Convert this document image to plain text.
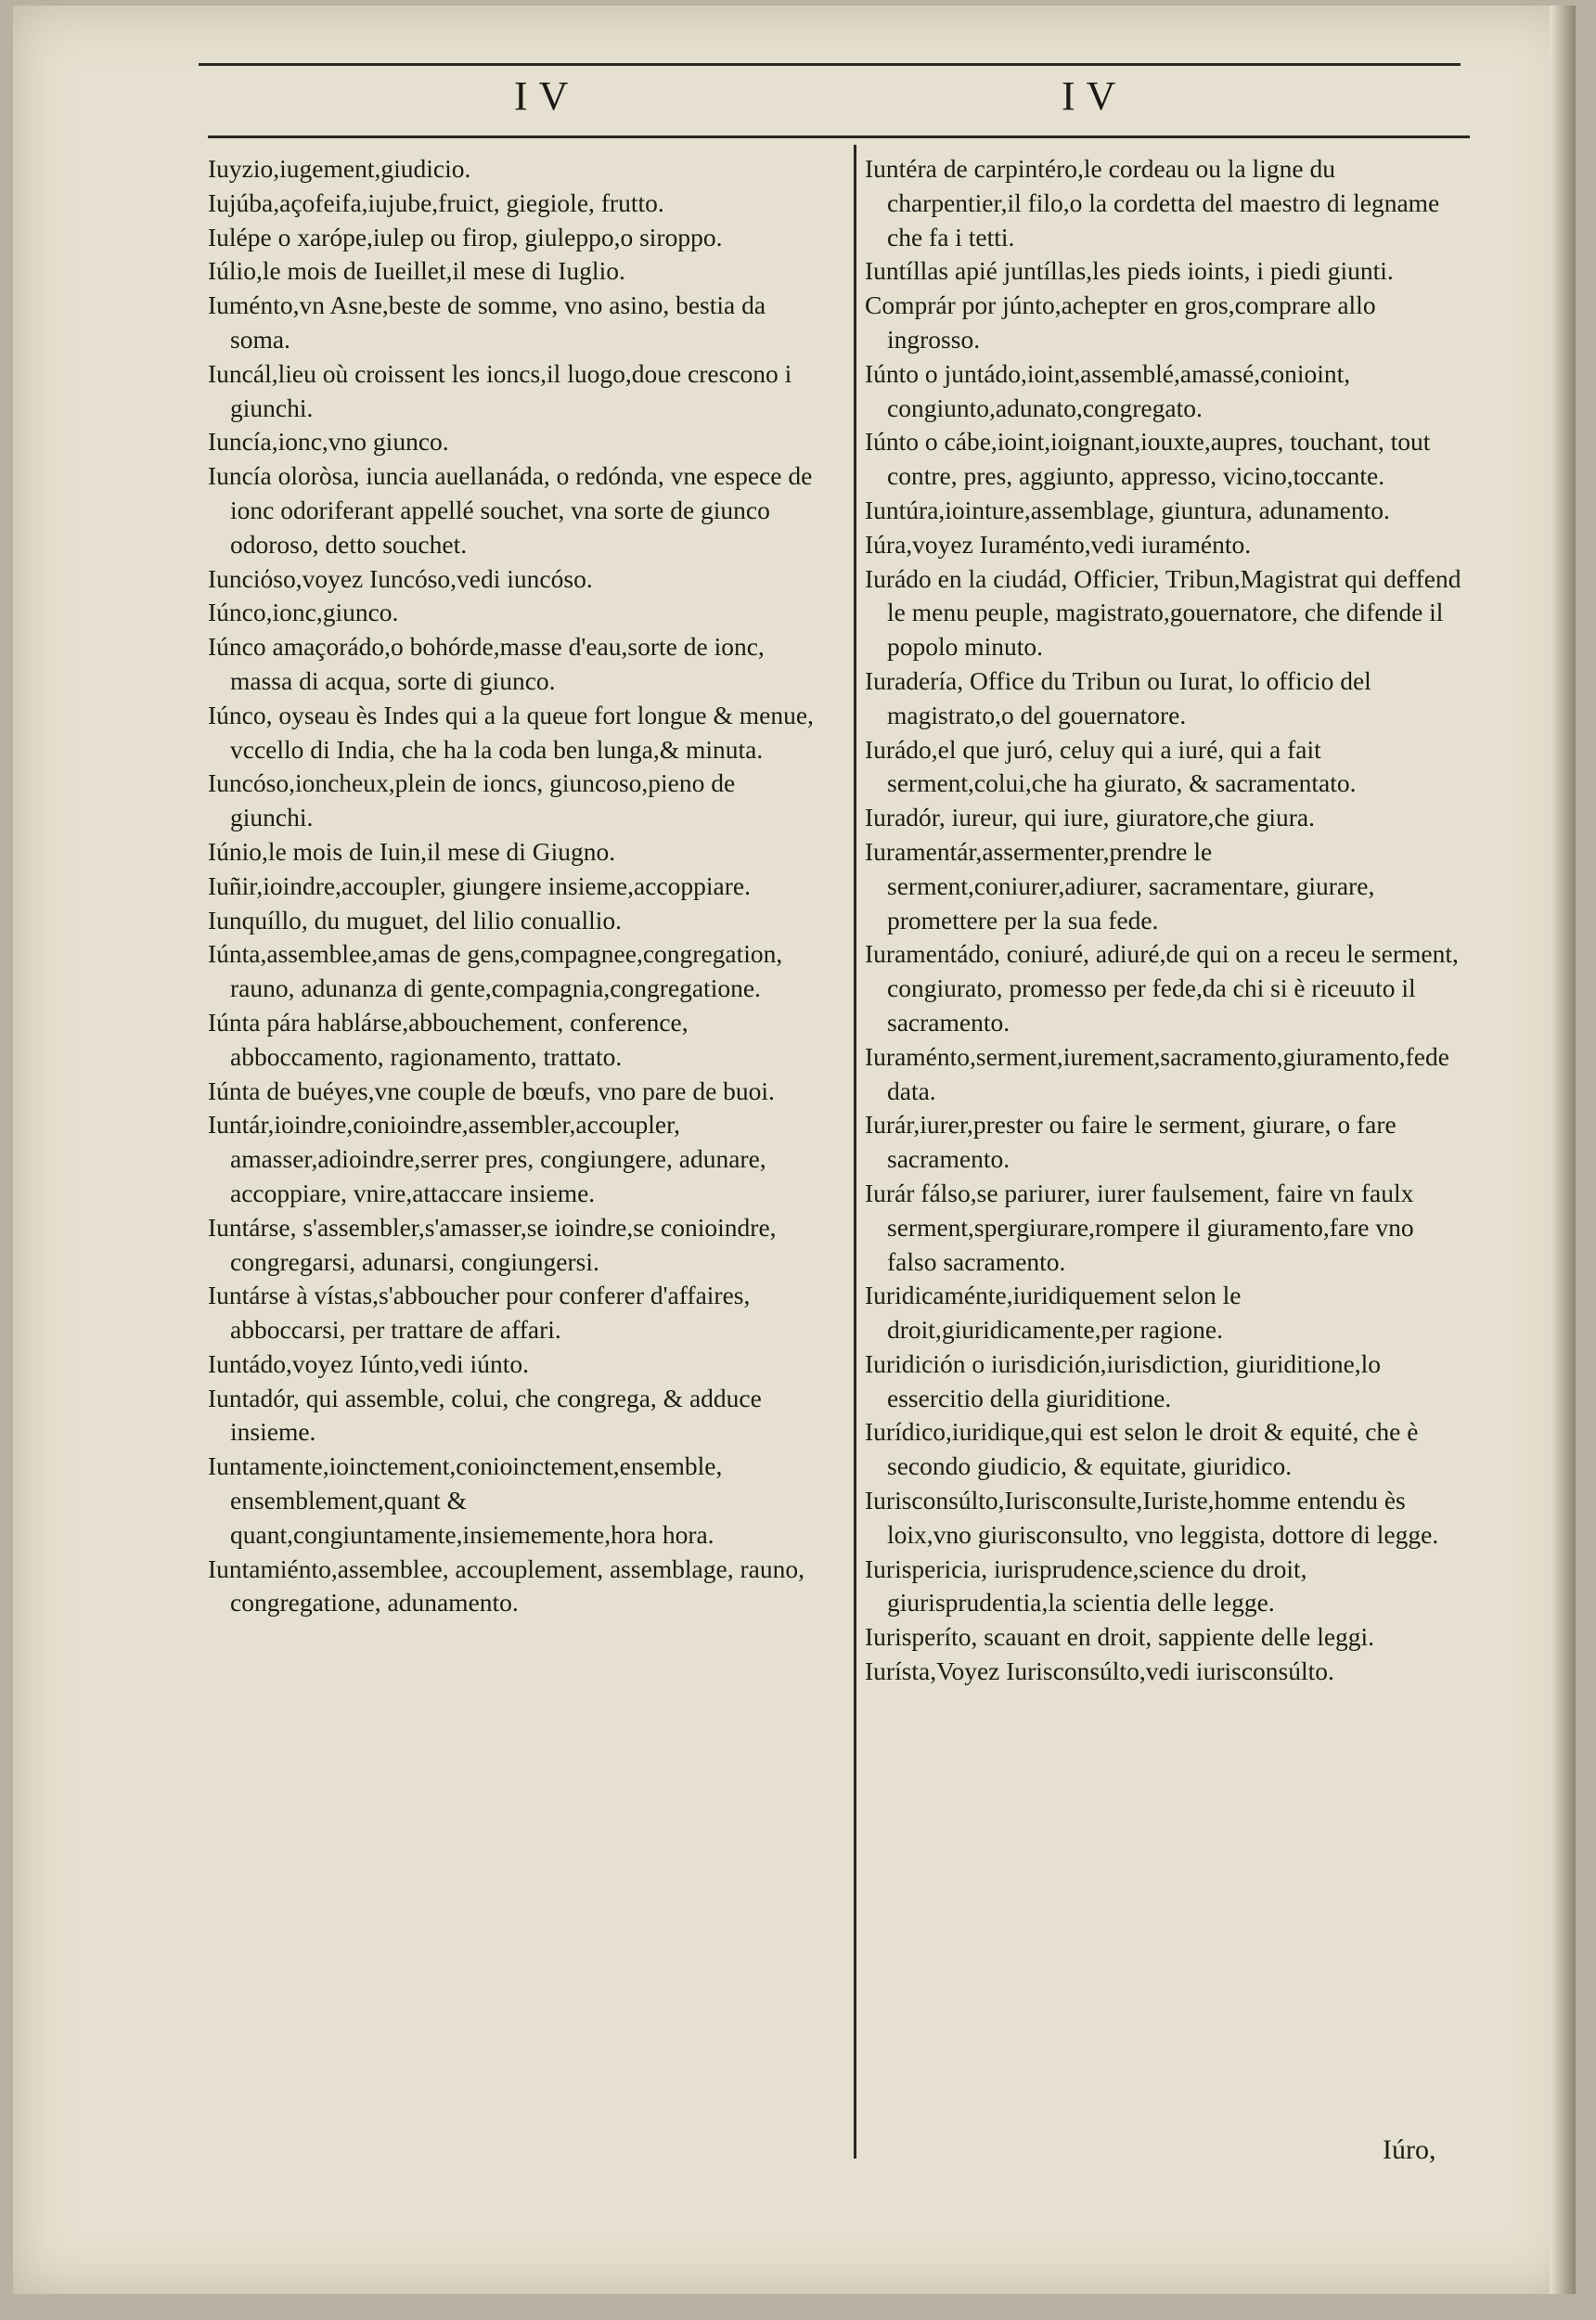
IV	IV

Iuyzio,iugement,giudicio.

Iujúba,açofeifa,iujube,fruict, giegiole, frutto.

Iulépe o xarópe,iulep ou firop, giuleppo,o siroppo.

Iúlio,le mois de Iueillet,il mese di Iuglio.

Iuménto,vn Asne,beste de somme, vno asino, bestia da soma.

Iuncál,lieu où croissent les ioncs,il luogo,doue crescono i giunchi.

Iuncía,ionc,vno giunco.

Iuncía oloròsa, iuncia auellanáda, o redónda, vne espece de ionc odoriferant appellé souchet, vna sorte de giunco odoroso, detto souchet.

Iunciόso,voyez Iuncóso,vedi iuncóso.

Iúnco,ionc,giunco.

Iúnco amaçorádo,o bohórde,masse d'eau,sorte de ionc, massa di acqua, sorte di giunco.

Iúnco, oyseau ès Indes qui a la queue fort longue & menue, vccello di India, che ha la coda ben lunga,& minuta.

Iuncóso,ioncheux,plein de ioncs, giuncoso,pieno de giunchi.

Iúnio,le mois de Iuin,il mese di Giugno.

Iuñir,ioindre,accoupler, giungere insieme,accoppiare.

Iunquíllo, du muguet, del lilio conuallio.

Iúnta,assemblee,amas de gens,compagnee,congregation, rauno, adunanza di gente,compagnia,congregatione.

Iúnta pára hablárse,abbouchement, conference, abboccamento, ragionamento, trattato.

Iúnta de buéyes,vne couple de bœufs, vno pare de buoi.

Iuntár,ioindre,conioindre,assembler,accoupler, amasser,adioindre,serrer pres, congiungere, adunare, accoppiare, vnire,attaccare insieme.

Iuntárse, s'assembler,s'amasser,se ioindre,se conioindre, congregarsi, adunarsi, congiungersi.

Iuntárse à vístas,s'abboucher pour conferer d'affaires, abboccarsi, per trattare de affari.

Iuntádo,voyez Iúnto,vedi iúnto.

Iuntadór, qui assemble, colui, che congrega, & adduce insieme.

Iuntamente,ioinctement,conioinctement,ensemble, ensemblement,quant & quant,congiuntamente,insiememente,hora hora.

Iuntamiénto,assemblee, accouplement, assemblage, rauno, congregatione, adunamento.

Iuntéra de carpintéro,le cordeau ou la ligne du charpentier,il filo,o la cordetta del maestro di legname che fa i tetti.

Iuntíllas apié juntíllas,les pieds ioints, i piedi giunti.

Comprár por júnto,achepter en gros,comprare allo ingrosso.

Iúnto o juntádo,ioint,assemblé,amassé,conioint, congiunto,adunato,congregato.

Iúnto o cábe,ioint,ioignant,iouxte,aupres, touchant, tout contre, pres, aggiunto, appresso, vicino,toccante.

Iuntúra,iointure,assemblage, giuntura, adunamento.

Iúra,voyez Iuraménto,vedi iuraménto.

Iurádo en la ciudád, Officier, Tribun,Magistrat qui deffend le menu peuple, magistrato,gouernatore, che difende il popolo minuto.

Iuradería, Office du Tribun ou Iurat, lo officio del magistrato,o del gouernatore.

Iurádo,el que juró, celuy qui a iuré, qui a fait serment,colui,che ha giurato, & sacramentato.

Iuradór, iureur, qui iure, giuratore,che giura.

Iuramentár,assermenter,prendre le serment,coniurer,adiurer, sacramentare, giurare, promettere per la sua fede.

Iuramentádo, coniuré, adiuré,de qui on a receu le serment, congiurato, promesso per fede,da chi si è riceuuto il sacramento.

Iuraménto,serment,iurement,sacramento,giuramento,fede data.

Iurár,iurer,prester ou faire le serment, giurare, o fare sacramento.

Iurár fálso,se pariurer, iurer faulsement, faire vn faulx serment,spergiurare,rompere il giuramento,fare vno falso sacramento.

Iuridicaménte,iuridiquement selon le droit,giuridicamente,per ragione.

Iuridición o iurisdición,iurisdiction, giuriditione,lo essercitio della giuriditione.

Iurídico,iuridique,qui est selon le droit & equité, che è secondo giudicio, & equitate, giuridico.

Iurisconsúlto,Iurisconsulte,Iuriste,homme entendu ès loix,vno giurisconsulto, vno leggista, dottore di legge.

Iurispericia, iurisprudence,science du droit, giurisprudentia,la scientia delle legge.

Iurisperíto, scauant en droit, sappiente delle leggi.

Iurísta,Voyez Iurisconsúlto,vedi iurisconsúlto.

Iúro,
